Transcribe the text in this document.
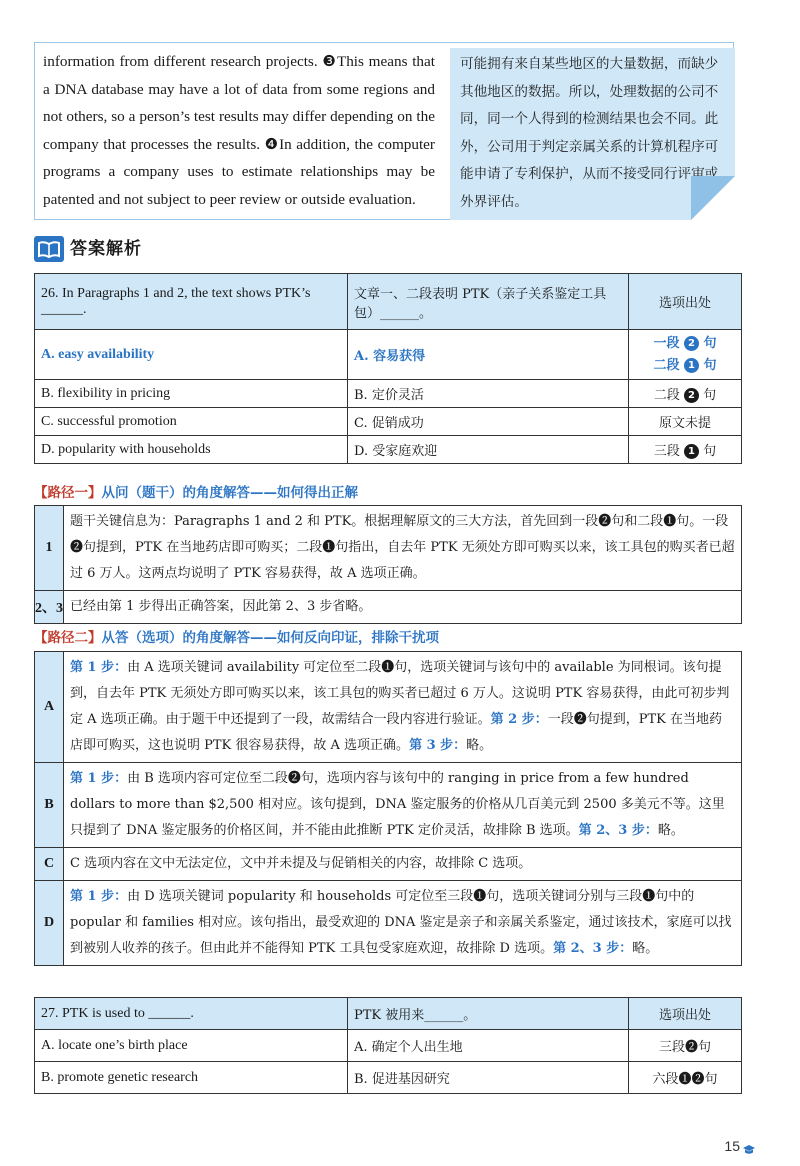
information from different research projects. ❸This means that a DNA database may have a lot of data from some regions and not others, so a person’s test results may differ depending on the company that processes the results. ❹In addition, the computer programs a company uses to estimate relationships may be patented and not subject to peer review or outside evaluation.
可能拥有来自某些地区的大量数据，而缺少其他地区的数据。所以，处理数据的公司不同，同一个人得到的检测结果也会不同。此外，公司用于判定亲属关系的计算机程序可能申请了专利保护，从而不接受同行评审或外界评估。
答案解析
26. In Paragraphs 1 and 2, the text shows PTK’s ______.	文章一、二段表明 PTK（亲子关系鉴定工具包）______。	选项出处
A. easy availability	A. 容易获得	一段 2 句
二段 1 句
B. flexibility in pricing	B. 定价灵活	二段 2 句
C. successful promotion	C. 促销成功	原文未提
D. popularity with households	D. 受家庭欢迎	三段 1 句
【路径一】从问（题干）的角度解答——如何得出正解
1	题干关键信息为：Paragraphs 1 and 2 和 PTK。根据理解原文的三大方法，首先回到一段❷句和二段❶句。一段❷句提到，PTK 在当地药店即可购买；二段❶句指出，自去年 PTK 无须处方即可购买以来，该工具包的购买者已超过 6 万人。这两点均说明了 PTK 容易获得，故 A 选项正确。
2、3	已经由第 1 步得出正确答案，因此第 2、3 步省略。
【路径二】从答（选项）的角度解答——如何反向印证，排除干扰项
A	第 1 步：由 A 选项关键词 availability 可定位至二段❶句，选项关键词与该句中的 available 为同根词。该句提到，自去年 PTK 无须处方即可购买以来，该工具包的购买者已超过 6 万人。这说明 PTK 容易获得，由此可初步判定 A 选项正确。由于题干中还提到了一段，故需结合一段内容进行验证。第 2 步：一段❷句提到，PTK 在当地药店即可购买，这也说明 PTK 很容易获得，故 A 选项正确。第 3 步：略。
B	第 1 步：由 B 选项内容可定位至二段❷句，选项内容与该句中的 ranging in price from a few hundred dollars to more than $2,500 相对应。该句提到，DNA 鉴定服务的价格从几百美元到 2500 多美元不等。这里只提到了 DNA 鉴定服务的价格区间，并不能由此推断 PTK 定价灵活，故排除 B 选项。第 2、3 步：略。
C	C 选项内容在文中无法定位，文中并未提及与促销相关的内容，故排除 C 选项。
D	第 1 步：由 D 选项关键词 popularity 和 households 可定位至三段❶句，选项关键词分别与三段❶句中的 popular 和 families 相对应。该句指出，最受欢迎的 DNA 鉴定是亲子和亲属关系鉴定，通过该技术，家庭可以找到被别人收养的孩子。但由此并不能得知 PTK 工具包受家庭欢迎，故排除 D 选项。第 2、3 步：略。
27. PTK is used to ______.	PTK 被用来______。	选项出处
A. locate one’s birth place	A. 确定个人出生地	三段❷句
B. promote genetic research	B. 促进基因研究	六段❶❷句
15
